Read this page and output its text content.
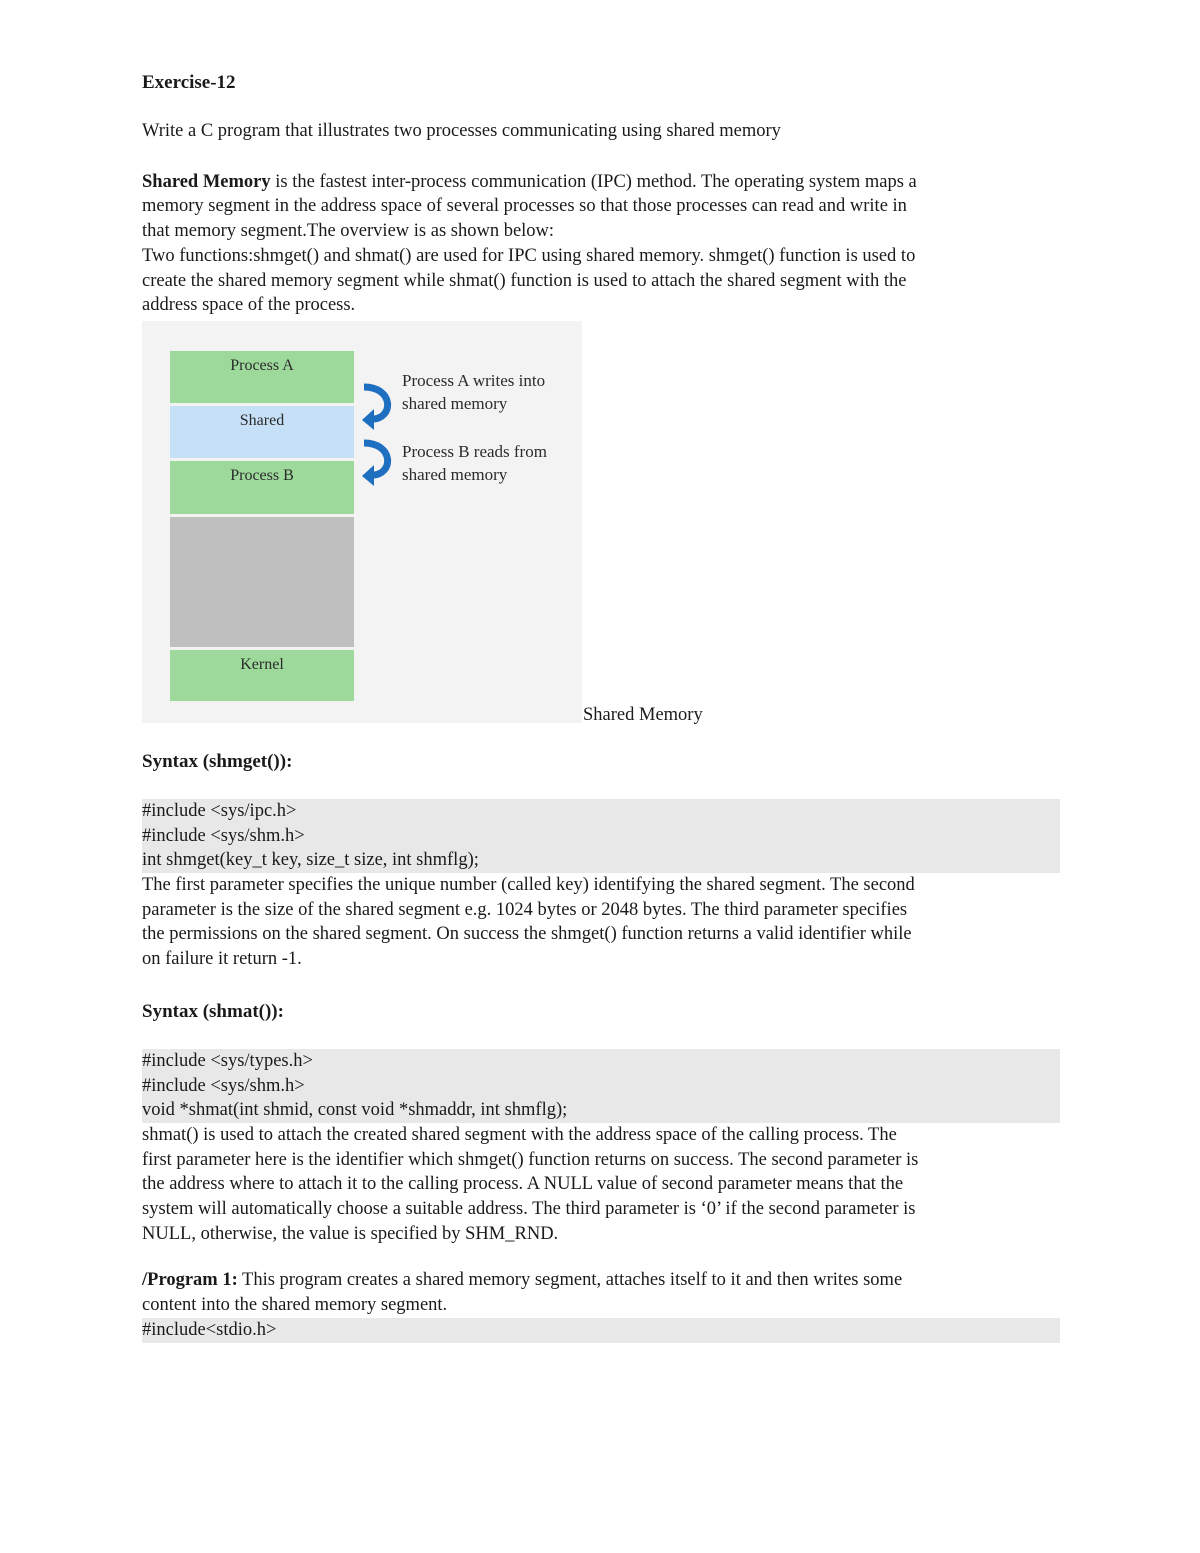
Exercise-12

Write a C program that illustrates two processes communicating using shared memory

Shared Memory is the fastest inter-process communication (IPC) method. The operating system maps a

memory segment in the address space of several processes so that those processes can read and write in

that memory segment.The overview is as shown below:

Two functions:shmget() and shmat() are used for IPC using shared memory. shmget() function is used to

create the shared memory segment while shmat() function is used to attach the shared segment with the

address space of the process.

Process A
Shared
Process B
Kernel
Process A writes into
shared memory
Process B reads from
shared memory
Shared Memory

Syntax (shmget()):

#include <sys/ipc.h>

#include <sys/shm.h>

int shmget(key_t key, size_t size, int shmflg);

The first parameter specifies the unique number (called key) identifying the shared segment. The second

parameter is the size of the shared segment e.g. 1024 bytes or 2048 bytes. The third parameter specifies

the permissions on the shared segment. On success the shmget() function returns a valid identifier while

on failure it return -1.

Syntax (shmat()):

#include <sys/types.h>

#include <sys/shm.h>

void *shmat(int shmid, const void *shmaddr, int shmflg);

shmat() is used to attach the created shared segment with the address space of the calling process. The

first parameter here is the identifier which shmget() function returns on success. The second parameter is

the address where to attach it to the calling process. A NULL value of second parameter means that the

system will automatically choose a suitable address. The third parameter is ‘0’ if the second parameter is

NULL, otherwise, the value is specified by SHM_RND.

/Program 1: This program creates a shared memory segment, attaches itself to it and then writes some

content into the shared memory segment.

#include<stdio.h>
